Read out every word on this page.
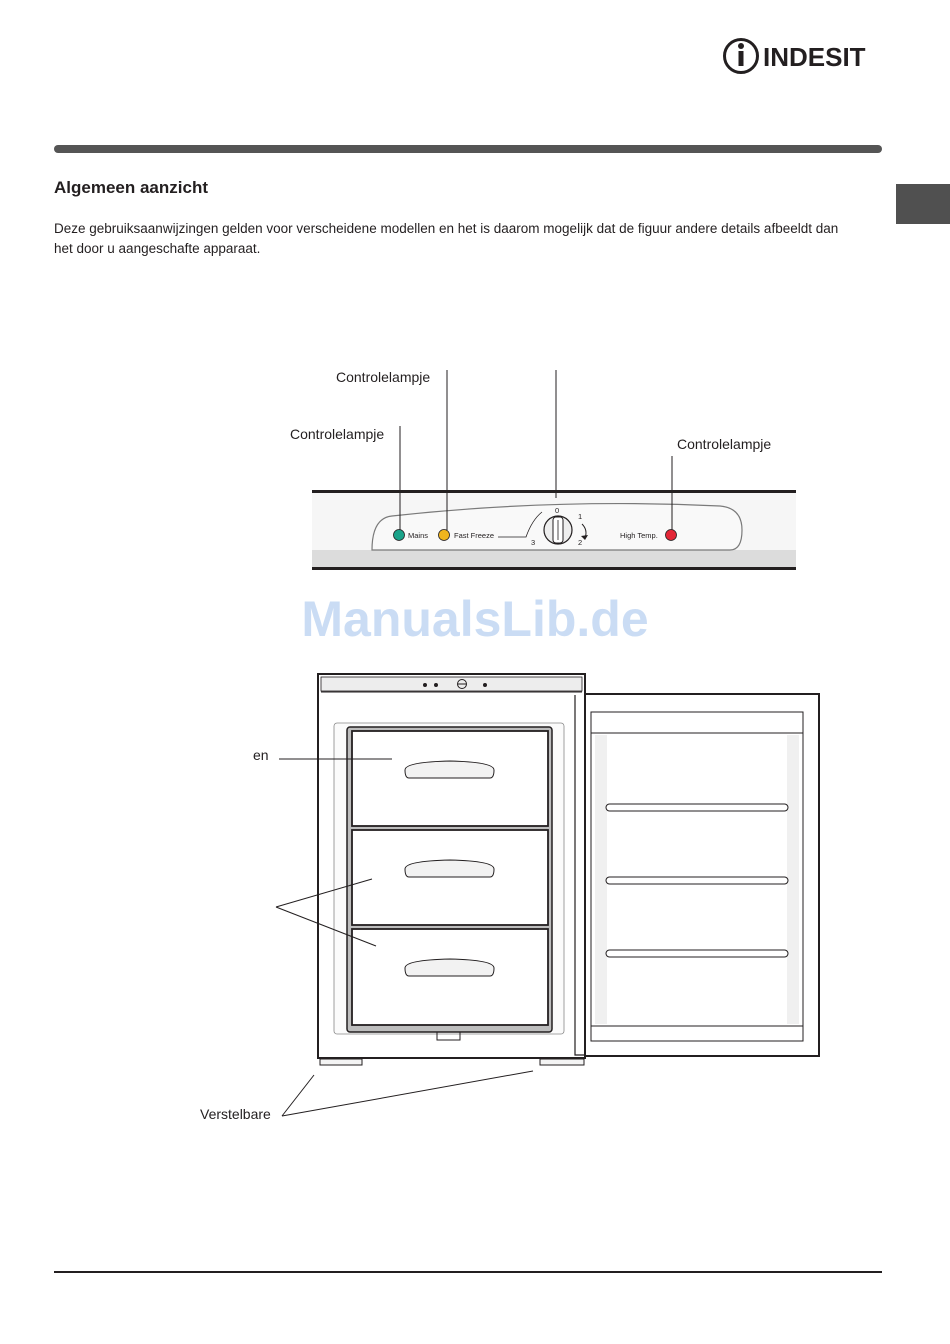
INDESIT
Algemeen aanzicht

Deze gebruiksaanwijzingen gelden voor verscheidene modellen en het is daarom mogelijk dat de figuur andere details afbeeldt dan het door u aangeschafte apparaat.

Mains	Fast Freeze	High Temp.
0
1
2
3
Controlelampje
Controlelampje
Controlelampje
en
Verstelbare
ManualsLib.de
